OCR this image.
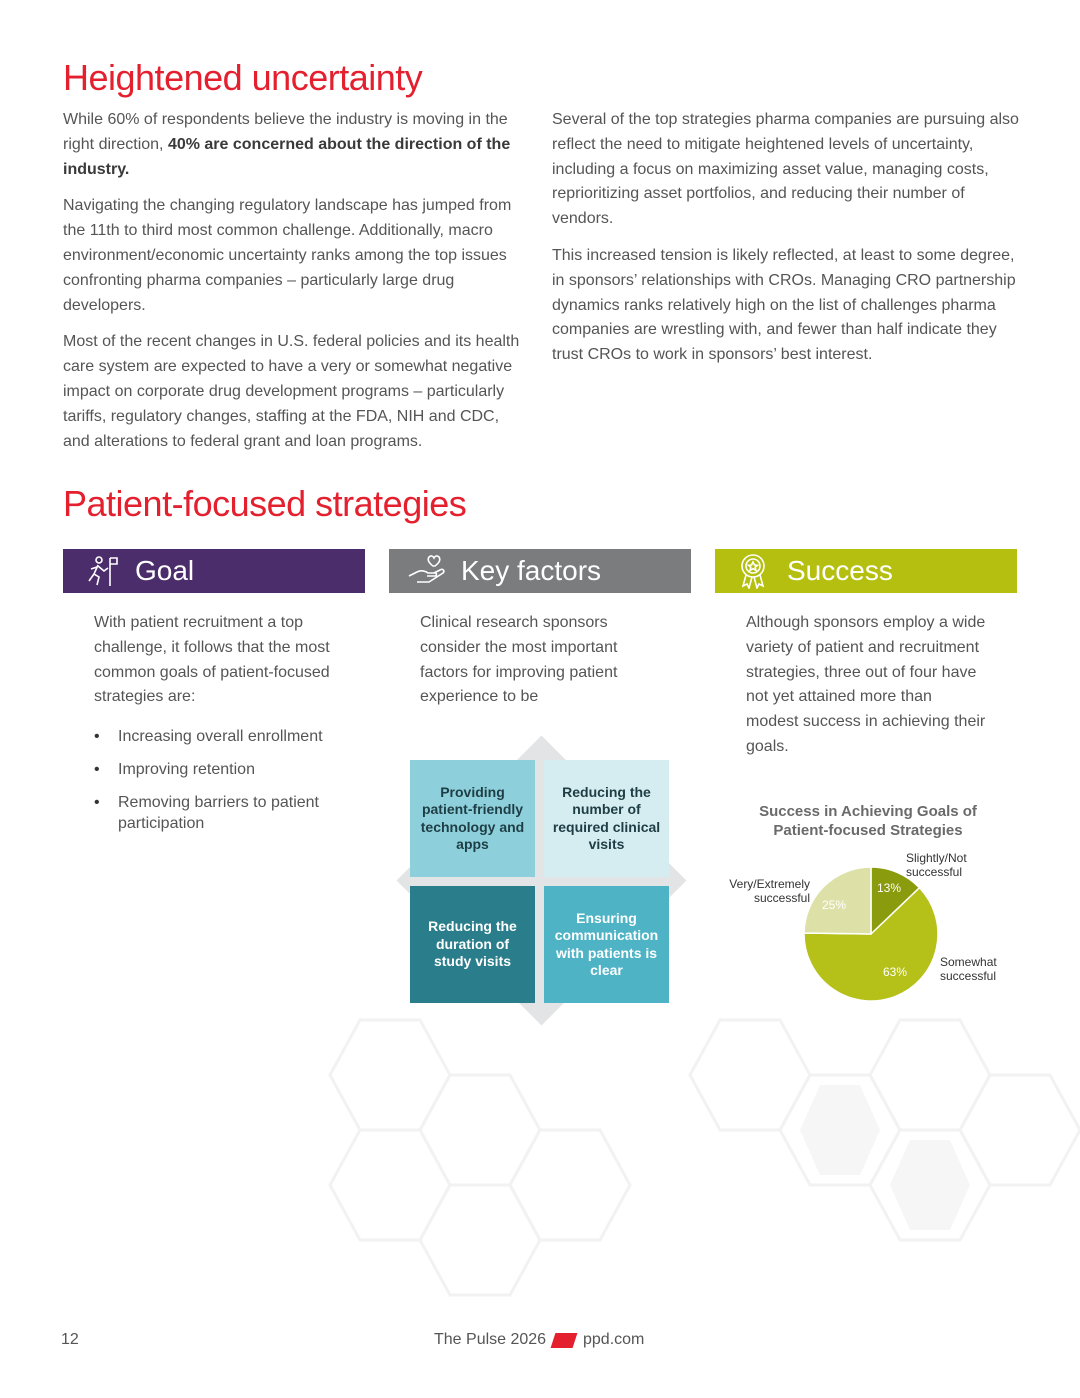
Heightened uncertainty

While 60% of respondents believe the industry is moving in the right direction, 40% are concerned about the direction of the industry.

Navigating the changing regulatory landscape has jumped from the 11th to third most common challenge. Additionally, macro environment/economic uncertainty ranks among the top issues confronting pharma companies – particularly large drug developers.

Most of the recent changes in U.S. federal policies and its health care system are expected to have a very or somewhat negative impact on corporate drug development programs – particularly tariffs, regulatory changes, staffing at the FDA, NIH and CDC, and alterations to federal grant and loan programs.

Several of the top strategies pharma companies are pursuing also reflect the need to mitigate heightened levels of uncertainty, including a focus on maximizing asset value, managing costs, reprioritizing asset portfolios, and reducing their number of vendors.

This increased tension is likely reflected, at least to some degree, in sponsors’ relationships with CROs. Managing CRO partnership dynamics ranks relatively high on the list of challenges pharma companies are wrestling with, and fewer than half indicate they trust CROs to work in sponsors’ best interest.

Patient-focused strategies
Goal	Key factors	Success
With patient recruitment a top challenge, it follows that the most common goals of patient-focused strategies are:
• Increasing overall enrollment
• Improving retention
• Removing barriers to patient participation
Clinical research sponsors consider the most important factors for improving patient experience to be
Providing patient-friendly technology and apps
Reducing the number of required clinical visits
Reducing the duration of study visits
Ensuring communication with patients is clear
Although sponsors employ a wide variety of patient and recruitment strategies, three out of four have not yet attained more than modest success in achieving their goals.
Success in Achieving Goals of Patient-focused Strategies
13%
63%
25%
Slightly/Not successful
Somewhat successful
Very/Extremely successful
12	The Pulse 2026 ppd.com
